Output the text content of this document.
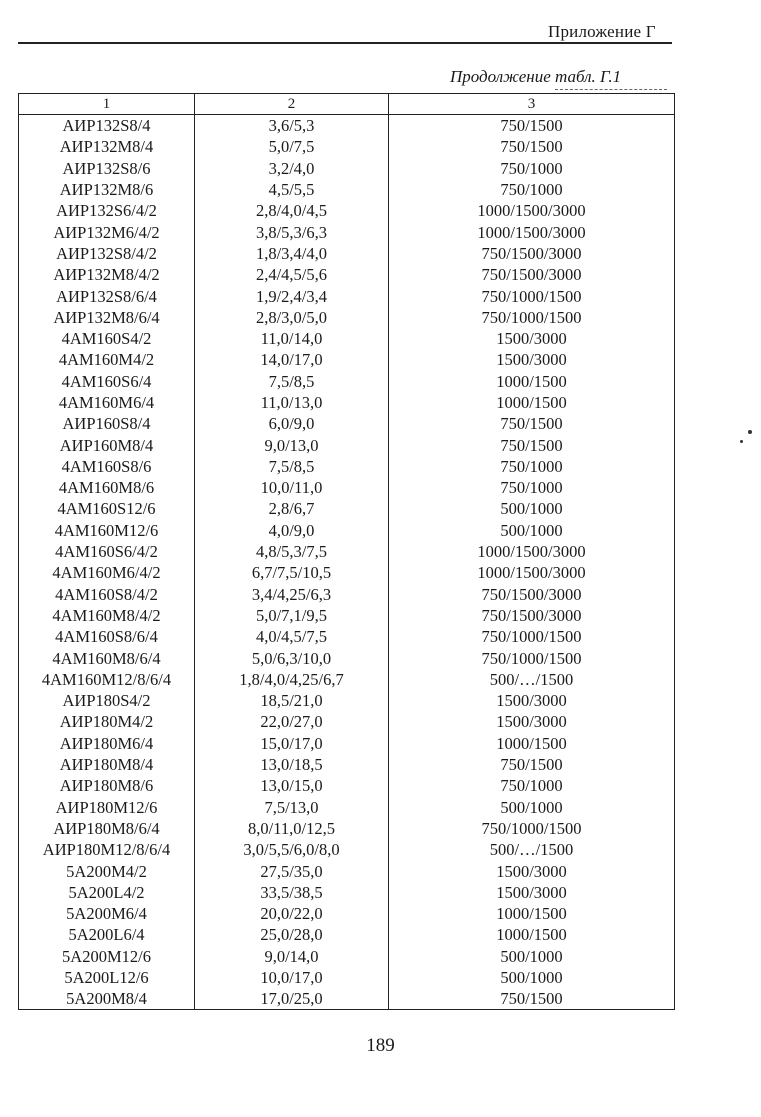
Приложение Г
Продолжение табл. Г.1
1	2	3
АИР132S8/4	3,6/5,3	750/1500
АИР132M8/4	5,0/7,5	750/1500
АИР132S8/6	3,2/4,0	750/1000
АИР132M8/6	4,5/5,5	750/1000
АИР132S6/4/2	2,8/4,0/4,5	1000/1500/3000
АИР132M6/4/2	3,8/5,3/6,3	1000/1500/3000
АИР132S8/4/2	1,8/3,4/4,0	750/1500/3000
АИР132M8/4/2	2,4/4,5/5,6	750/1500/3000
АИР132S8/6/4	1,9/2,4/3,4	750/1000/1500
АИР132M8/6/4	2,8/3,0/5,0	750/1000/1500
4АМ160S4/2	11,0/14,0	1500/3000
4АМ160M4/2	14,0/17,0	1500/3000
4АМ160S6/4	7,5/8,5	1000/1500
4АМ160M6/4	11,0/13,0	1000/1500
АИР160S8/4	6,0/9,0	750/1500
АИР160M8/4	9,0/13,0	750/1500
4АМ160S8/6	7,5/8,5	750/1000
4АМ160M8/6	10,0/11,0	750/1000
4АМ160S12/6	2,8/6,7	500/1000
4АМ160M12/6	4,0/9,0	500/1000
4АМ160S6/4/2	4,8/5,3/7,5	1000/1500/3000
4АМ160M6/4/2	6,7/7,5/10,5	1000/1500/3000
4АМ160S8/4/2	3,4/4,25/6,3	750/1500/3000
4АМ160M8/4/2	5,0/7,1/9,5	750/1500/3000
4АМ160S8/6/4	4,0/4,5/7,5	750/1000/1500
4АМ160M8/6/4	5,0/6,3/10,0	750/1000/1500
4АМ160M12/8/6/4	1,8/4,0/4,25/6,7	500/…/1500
АИР180S4/2	18,5/21,0	1500/3000
АИР180M4/2	22,0/27,0	1500/3000
АИР180M6/4	15,0/17,0	1000/1500
АИР180M8/4	13,0/18,5	750/1500
АИР180M8/6	13,0/15,0	750/1000
АИР180M12/6	7,5/13,0	500/1000
АИР180M8/6/4	8,0/11,0/12,5	750/1000/1500
АИР180M12/8/6/4	3,0/5,5/6,0/8,0	500/…/1500
5А200M4/2	27,5/35,0	1500/3000
5А200L4/2	33,5/38,5	1500/3000
5А200M6/4	20,0/22,0	1000/1500
5А200L6/4	25,0/28,0	1000/1500
5А200M12/6	9,0/14,0	500/1000
5А200L12/6	10,0/17,0	500/1000
5А200M8/4	17,0/25,0	750/1500
189
